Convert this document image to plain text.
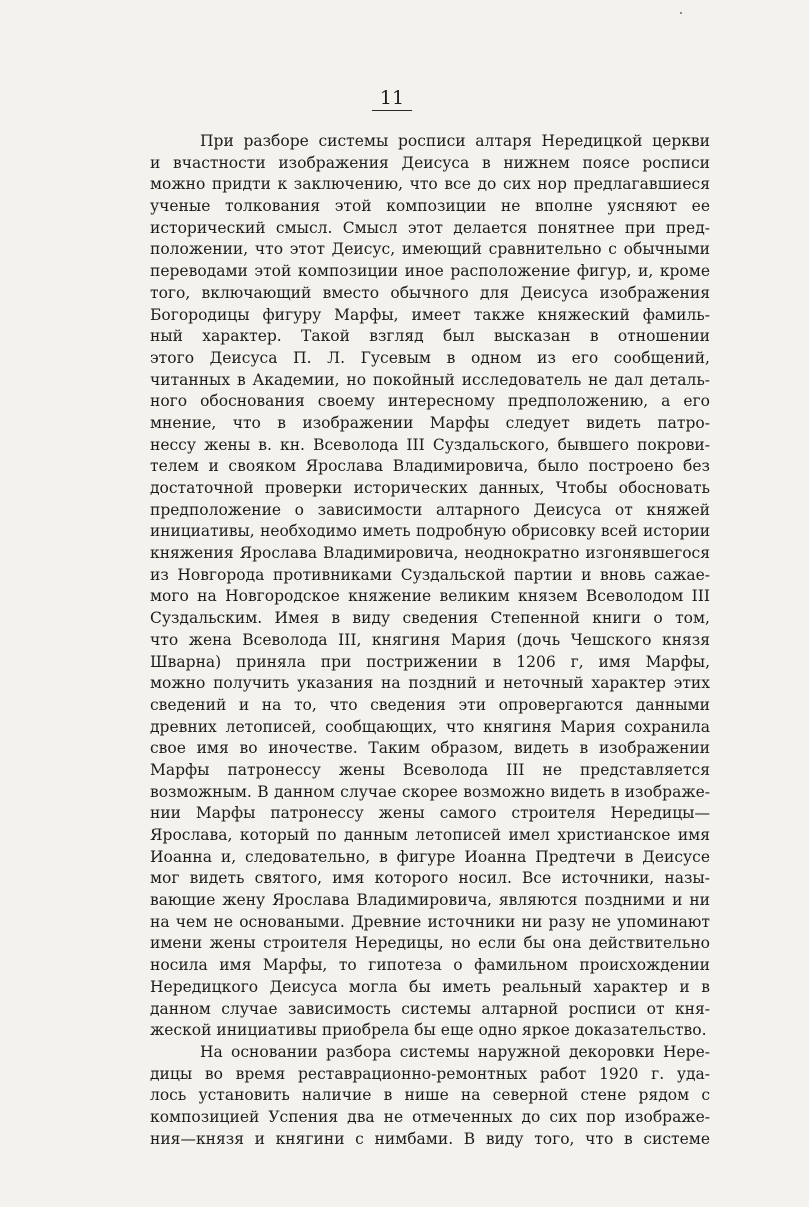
11
При разборе системы росписи алтаря Нередицкой церкви
и вчастности изображения Деисуса в нижнем поясе росписи
можно придти к заключению, что все до сих нор предлагавшиеся
ученые толкования этой композиции не вполне уясняют ее
исторический смысл. Смысл этот делается понятнее при пред-
положении, что этот Деисус, имеющий сравнительно с обычными
переводами этой композиции иное расположение фигур, и, кроме
того, включающий вместо обычного для Деисуса изображения
Богородицы фигуру Марфы, имеет также княжеский фамиль-
ный характер. Такой взгляд был высказан в отношении
этого Деисуса П. Л. Гусевым в одном из его сообщений,
читанных в Академии, но покойный исследователь не дал деталь-
ного обоснования своему интересному предположению, а его
мнение, что в изображении Марфы следует видеть патро-
нессу жены в. кн. Всеволода III Суздальского, бывшего покрови-
телем и свояком Ярослава Владимировича, было построено без
достаточной проверки исторических данных, Чтобы обосновать
предположение о зависимости алтарного Деисуса от княжей
инициативы, необходимо иметь подробную обрисовку всей истории
княжения Ярослава Владимировича, неоднократно изгонявшегося
из Новгорода противниками Суздальской партии и вновь сажае-
мого на Новгородское княжение великим князем Всеволодом III
Суздальским. Имея в виду сведения Степенной книги о том,
что жена Всеволода III, княгиня Мария (дочь Чешского князя
Шварна) приняла при пострижении в 1206 г, имя Марфы,
можно получить указания на поздний и неточный характер этих
сведений и на то, что сведения эти опровергаются данными
древних летописей, сообщающих, что княгиня Мария сохранила
свое имя во иночестве. Таким образом, видеть в изображении
Марфы патронессу жены Всеволода III не представляется
возможным. В данном случае скорее возможно видеть в изображе-
нии Марфы патронессу жены самого строителя Нередицы—
Ярослава, который по данным летописей имел христианское имя
Иоанна и, следовательно, в фигуре Иоанна Предтечи в Деисусе
мог видеть святого, имя которого носил. Все источники, назы-
вающие жену Ярослава Владимировича, являются поздними и ни
на чем не основаными. Древние источники ни разу не упоминают
имени жены строителя Нередицы, но если бы она действительно
носила имя Марфы, то гипотеза о фамильном происхождении
Нередицкого Деисуса могла бы иметь реальный характер и в
данном случае зависимость системы алтарной росписи от кня-
жеской инициативы приобрела бы еще одно яркое доказательство.
На основании разбора системы наружной декоровки Нере-
дицы во время реставрационно-ремонтных работ 1920 г. уда-
лось установить наличие в нише на северной стене рядом с
композицией Успения два не отмеченных до сих пор изображе-
ния—князя и княгини с нимбами. В виду того, что в системе
